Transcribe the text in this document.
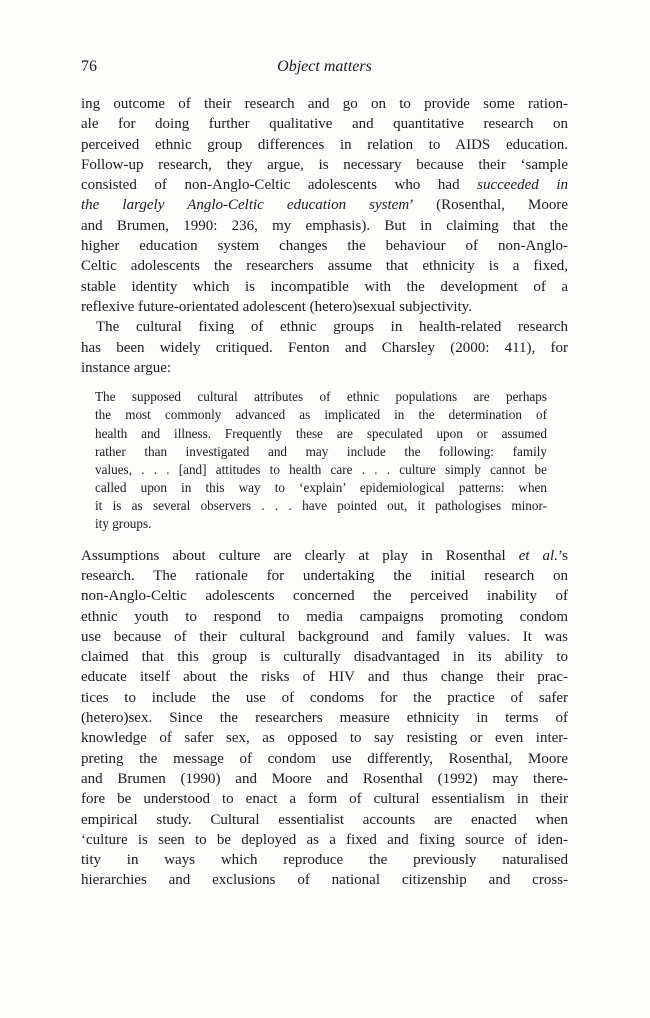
76	Object matters
ing outcome of their research and go on to provide some ration-
ale for doing further qualitative and quantitative research on
perceived ethnic group differences in relation to AIDS education.
Follow-up research, they argue, is necessary because their ‘sample
consisted of non-Anglo-Celtic adolescents who had succeeded in
the largely Anglo-Celtic education system’ (Rosenthal, Moore
and Brumen, 1990: 236, my emphasis). But in claiming that the
higher education system changes the behaviour of non-Anglo-
Celtic adolescents the researchers assume that ethnicity is a fixed,
stable identity which is incompatible with the development of a
reflexive future-orientated adolescent (hetero)sexual subjectivity.
The cultural fixing of ethnic groups in health-related research
has been widely critiqued. Fenton and Charsley (2000: 411), for
instance argue:
The supposed cultural attributes of ethnic populations are perhaps
the most commonly advanced as implicated in the determination of
health and illness. Frequently these are speculated upon or assumed
rather than investigated and may include the following: family
values, . . . [and] attitudes to health care . . . culture simply cannot be
called upon in this way to ‘explain’ epidemiological patterns: when
it is as several observers . . . have pointed out, it pathologises minor-
ity groups.
Assumptions about culture are clearly at play in Rosenthal et al.’s
research. The rationale for undertaking the initial research on
non-Anglo-Celtic adolescents concerned the perceived inability of
ethnic youth to respond to media campaigns promoting condom
use because of their cultural background and family values. It was
claimed that this group is culturally disadvantaged in its ability to
educate itself about the risks of HIV and thus change their prac-
tices to include the use of condoms for the practice of safer
(hetero)sex. Since the researchers measure ethnicity in terms of
knowledge of safer sex, as opposed to say resisting or even inter-
preting the message of condom use differently, Rosenthal, Moore
and Brumen (1990) and Moore and Rosenthal (1992) may there-
fore be understood to enact a form of cultural essentialism in their
empirical study. Cultural essentialist accounts are enacted when
‘culture is seen to be deployed as a fixed and fixing source of iden-
tity in ways which reproduce the previously naturalised
hierarchies and exclusions of national citizenship and cross-
